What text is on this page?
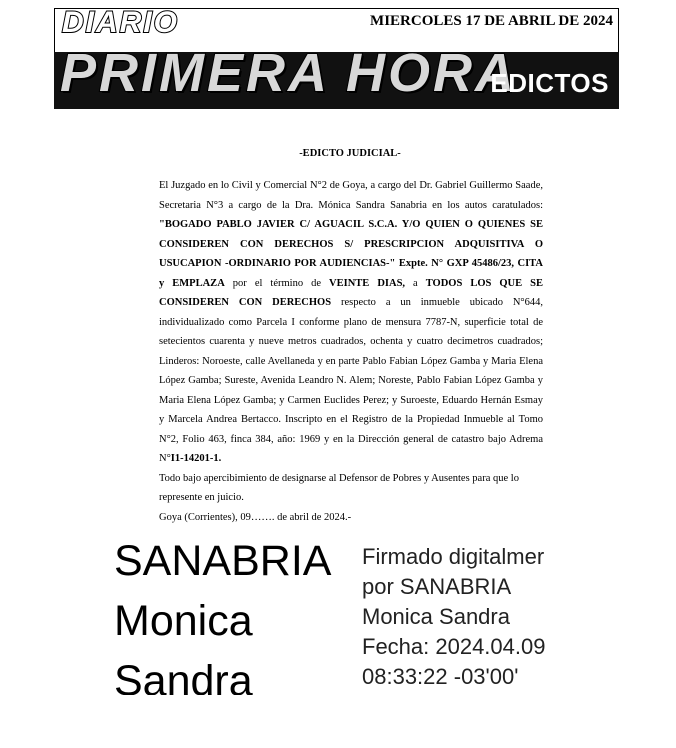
DIARIO	MIERCOLES 17 DE ABRIL DE 2024
PRIMERA HORA
EDICTOS
-EDICTO JUDICIAL-

El Juzgado en lo Civil y Comercial N°2 de Goya, a cargo del Dr. Gabriel Guillermo Saade, Secretaria N°3 a cargo de la Dra. Mónica Sandra Sanabria en los autos caratulados: "BOGADO PABLO JAVIER C/ AGUACIL S.C.A. Y/O QUIEN O QUIENES SE CONSIDEREN CON DERECHOS S/ PRESCRIPCION ADQUISITIVA O USUCAPION -ORDINARIO POR AUDIENCIAS-" Expte. N° GXP 45486/23, CITA y EMPLAZA por el término de VEINTE DIAS, a TODOS LOS QUE SE CONSIDEREN CON DERECHOS respecto a un inmueble ubicado N°644, individualizado como Parcela I conforme plano de mensura 7787-N, superficie total de setecientos cuarenta y nueve metros cuadrados, ochenta y cuatro decimetros cuadrados; Linderos: Noroeste, calle Avellaneda y en parte Pablo Fabian López Gamba y Maria Elena López Gamba; Sureste, Avenida Leandro N. Alem; Noreste, Pablo Fabian López Gamba y Maria Elena López Gamba; y Carmen Euclides Perez; y Suroeste, Eduardo Hernán Esmay y Marcela Andrea Bertacco. Inscripto en el Registro de la Propiedad Inmueble al Tomo N°2, Folio 463, finca 384, año: 1969 y en la Dirección general de catastro bajo Adrema N°I1-14201-1.

Todo bajo apercibimiento de designarse al Defensor de Pobres y Ausentes para que lo represente en juicio.

Goya (Corrientes), 09……. de abril de 2024.-

SANABRIA
Monica
Sandra
Firmado digitalmer
por SANABRIA
Monica Sandra
Fecha: 2024.04.09
08:33:22 -03'00'
